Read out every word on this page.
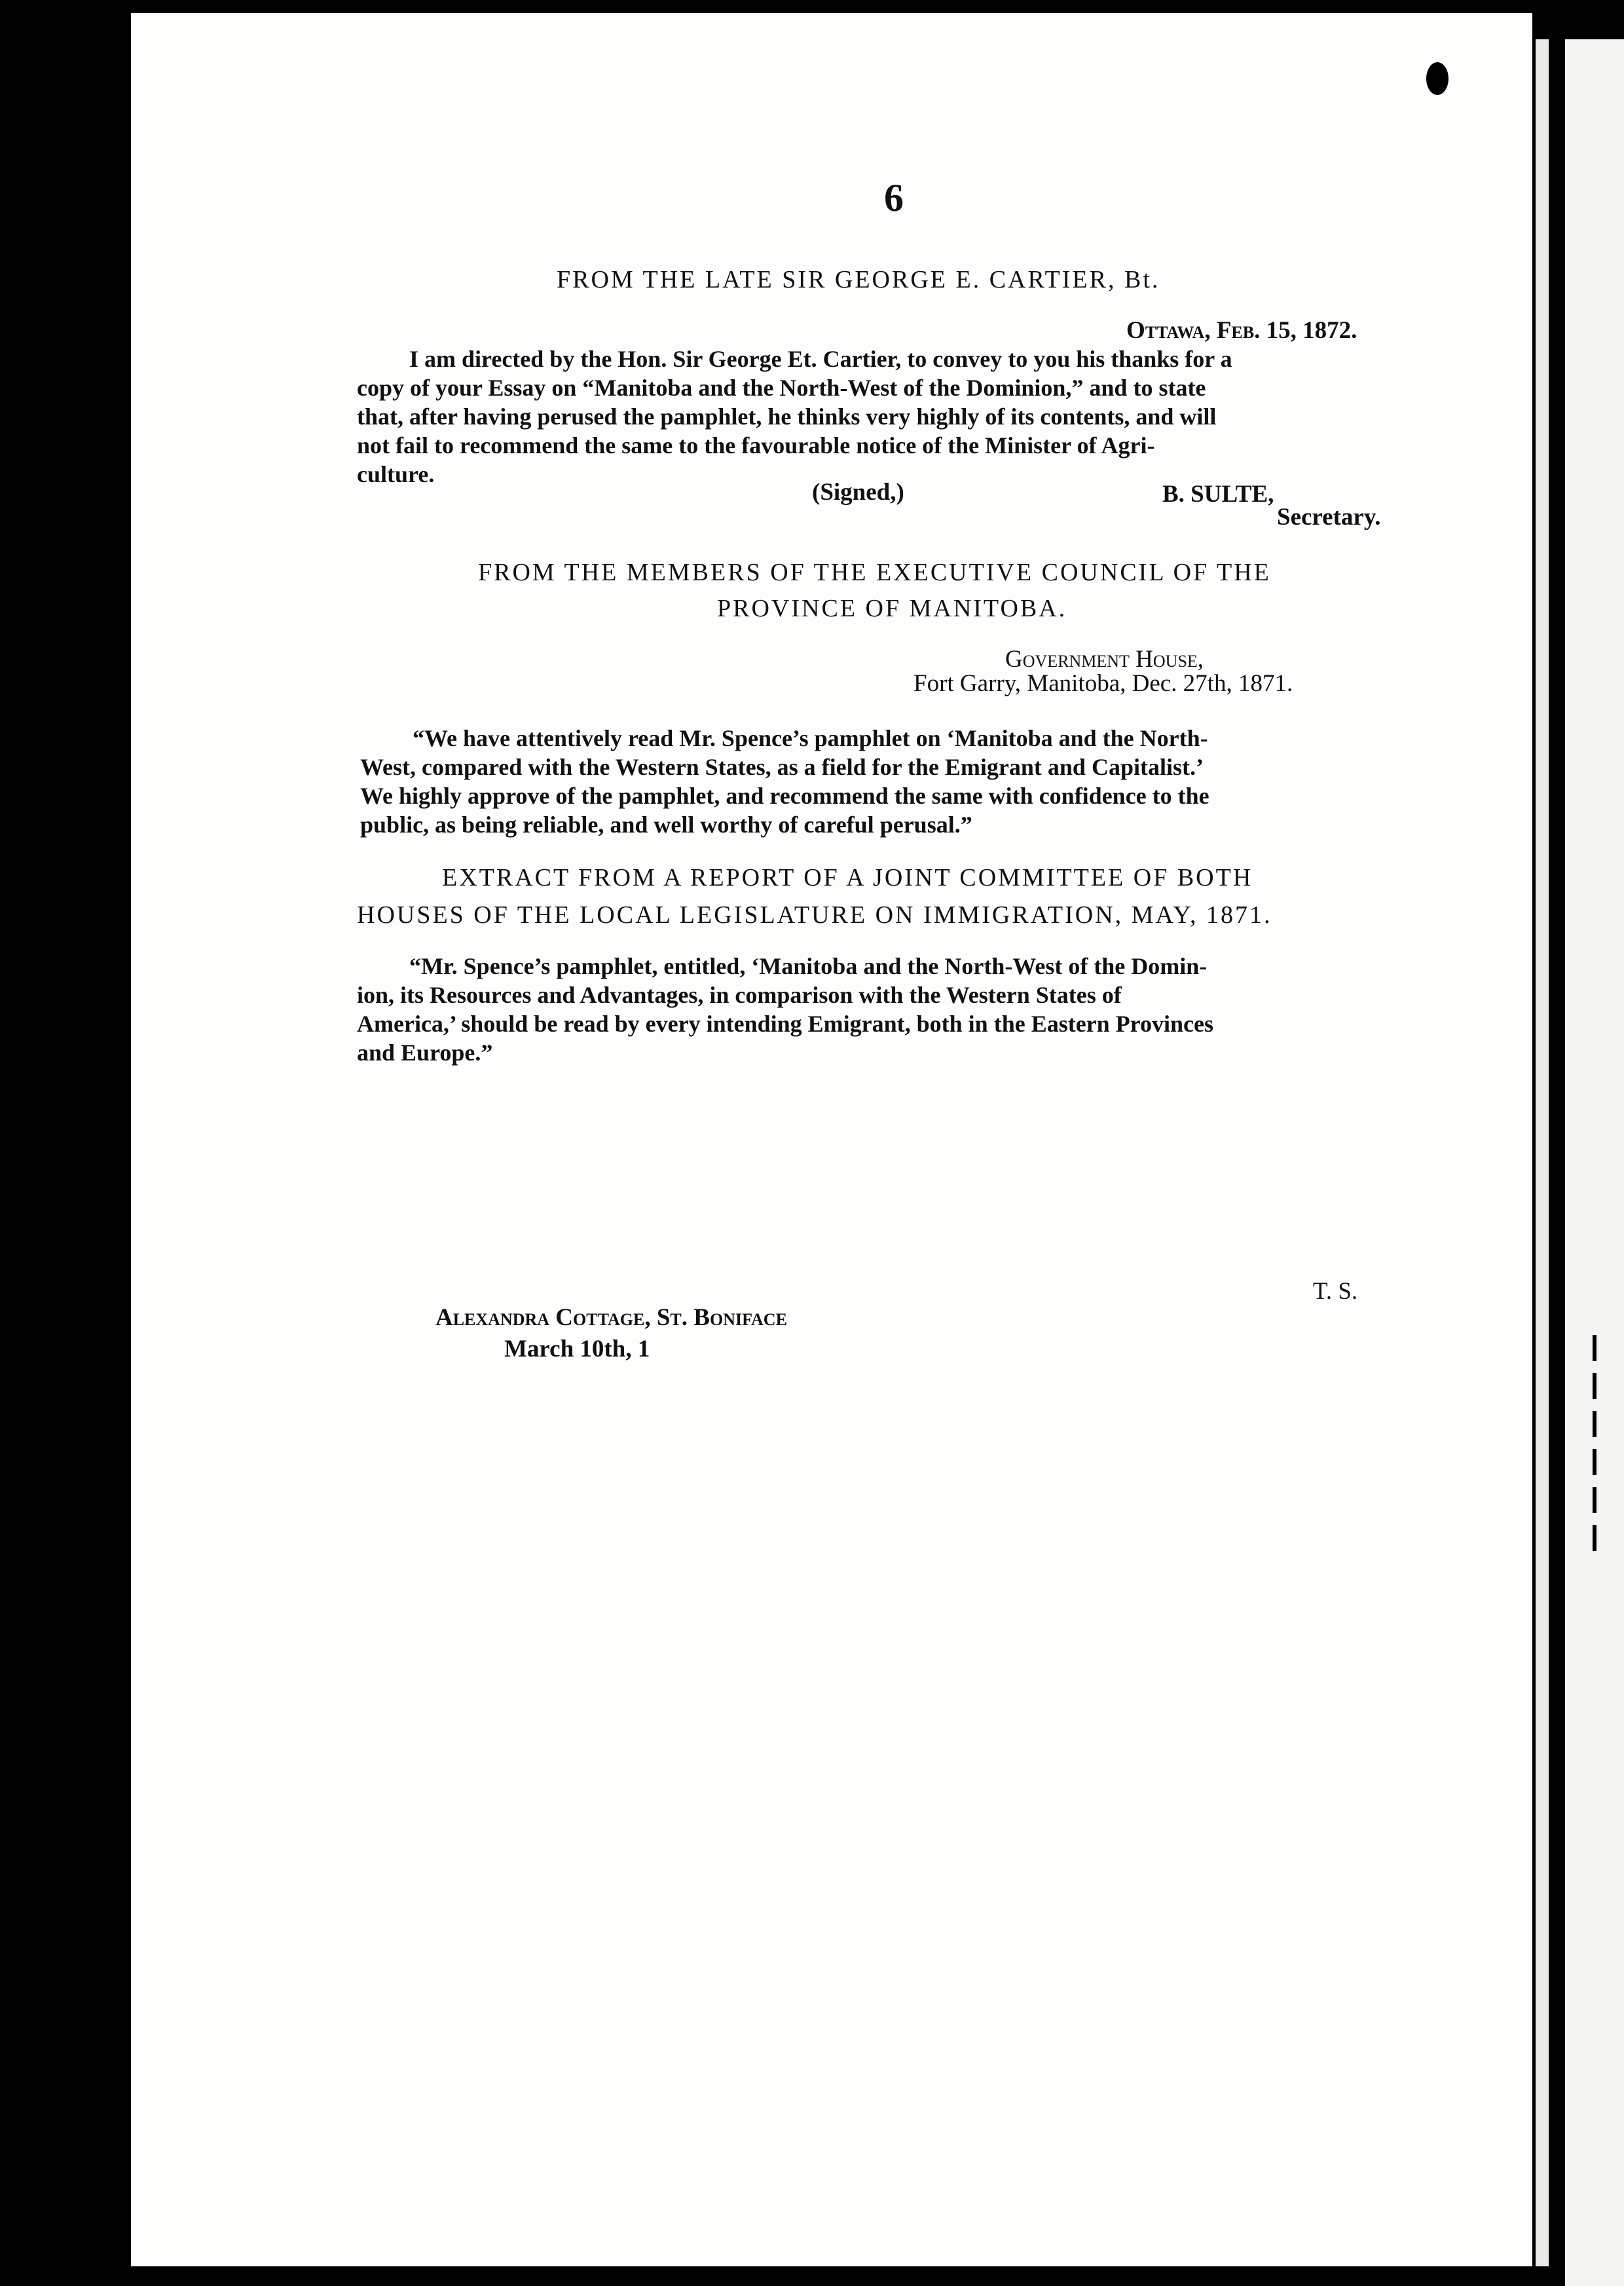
6
FROM THE LATE SIR GEORGE E. CARTIER, Bt.
Ottawa, Feb. 15, 1872.
I am directed by the Hon. Sir George Et. Cartier, to convey to you his thanks for a
copy of your Essay on “Manitoba and the North-West of the Dominion,” and to state
that, after having perused the pamphlet, he thinks very highly of its contents, and will
not fail to recommend the same to the favourable notice of the Minister of Agri-
culture.
(Signed,)	B. SULTE,
Secretary.
FROM THE MEMBERS OF THE EXECUTIVE COUNCIL OF THE
PROVINCE OF MANITOBA.
Government House,
Fort Garry, Manitoba, Dec. 27th, 1871.
“We have attentively read Mr. Spence’s pamphlet on ‘Manitoba and the North-
West, compared with the Western States, as a field for the Emigrant and Capitalist.’
We highly approve of the pamphlet, and recommend the same with confidence to the
public, as being reliable, and well worthy of careful perusal.”
EXTRACT FROM A REPORT OF A JOINT COMMITTEE OF BOTH
HOUSES OF THE LOCAL LEGISLATURE ON IMMIGRATION, MAY, 1871.
“Mr. Spence’s pamphlet, entitled, ‘Manitoba and the North-West of the Domin-
ion, its Resources and Advantages, in comparison with the Western States of
America,’ should be read by every intending Emigrant, both in the Eastern Provinces
and Europe.”
T. S.
Alexandra Cottage, St. Boniface
March 10th, 1
